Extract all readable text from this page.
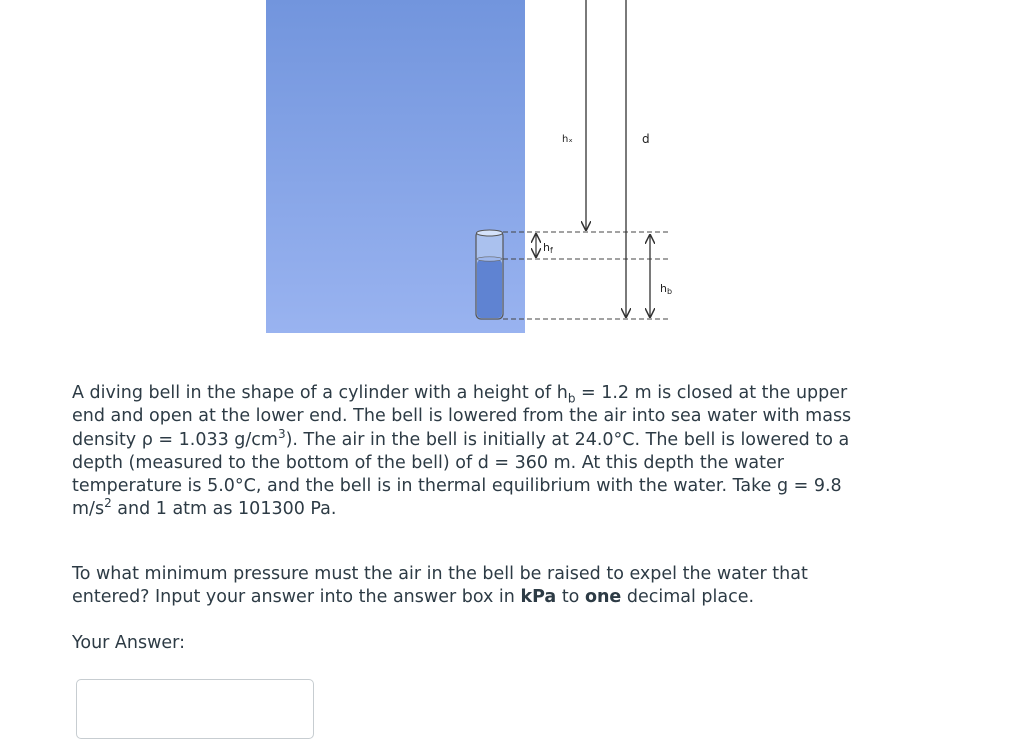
hₓ	d
hf
hb

A diving bell in the shape of a cylinder with a height of $h_b = 1.2$ m is closed at the upper end and open at the lower end. The bell is lowered from the air into sea water with mass density ρ = 1.033 $g/cm^3$). The air in the bell is initially at 24.0°C. The bell is lowered to a depth (measured to the bottom of the bell) of d = 360 m. At this depth the water temperature is 5.0°C, and the bell is in thermal equilibrium with the water. Take g = 9.8 $m/s^2$ and 1 atm as 101300 Pa.

To what minimum pressure must the air in the bell be raised to expel the water that entered? Input your answer into the answer box in kPa to one decimal place.

Your Answer:
